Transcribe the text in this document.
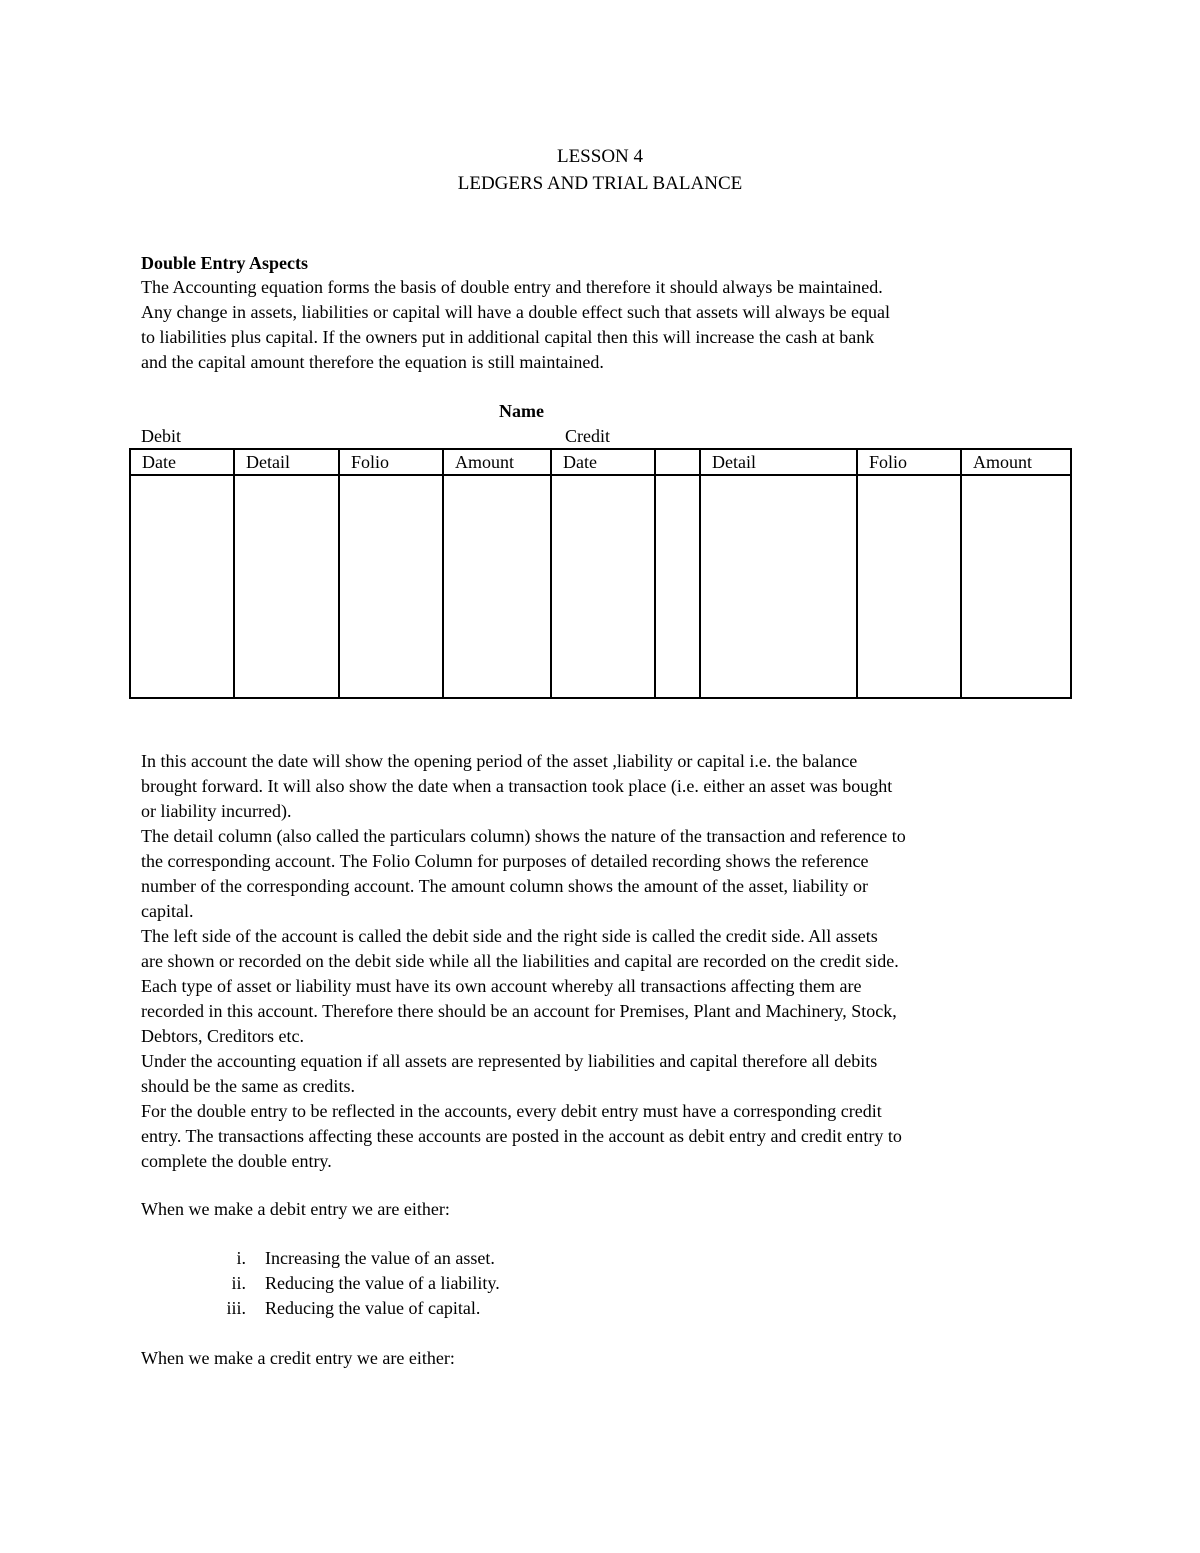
LESSON 4
LEDGERS AND TRIAL BALANCE
Double Entry Aspects
The Accounting equation forms the basis of double entry and therefore it should always be maintained.
Any change in assets, liabilities or capital will have a double effect such that assets will always be equal
to liabilities plus capital. If the owners put in additional capital then this will increase the cash at bank
and the capital amount therefore the equation is still maintained.
Name
Debit	Credit
Date	Detail	Folio	Amount	Date		Detail	Folio	Amount

In this account the date will show the opening period of the asset ,liability or capital i.e. the balance
brought forward. It will also show the date when a transaction took place (i.e. either an asset was bought
or liability incurred).
The detail column (also called the particulars column) shows the nature of the transaction and reference to
the corresponding account. The Folio Column for purposes of detailed recording shows the reference
number of the corresponding account. The amount column shows the amount of the asset, liability or
capital.
The left side of the account is called the debit side and the right side is called the credit side. All assets
are shown or recorded on the debit side while all the liabilities and capital are recorded on the credit side.
Each type of asset or liability must have its own account whereby all transactions affecting them are
recorded in this account. Therefore there should be an account for Premises, Plant and Machinery, Stock,
Debtors, Creditors etc.
Under the accounting equation if all assets are represented by liabilities and capital therefore all debits
should be the same as credits.
For the double entry to be reflected in the accounts, every debit entry must have a corresponding credit
entry. The transactions affecting these accounts are posted in the account as debit entry and credit entry to
complete the double entry.
When we make a debit entry we are either:
i. Increasing the value of an asset.
ii. Reducing the value of a liability.
iii. Reducing the value of capital.
When we make a credit entry we are either:
